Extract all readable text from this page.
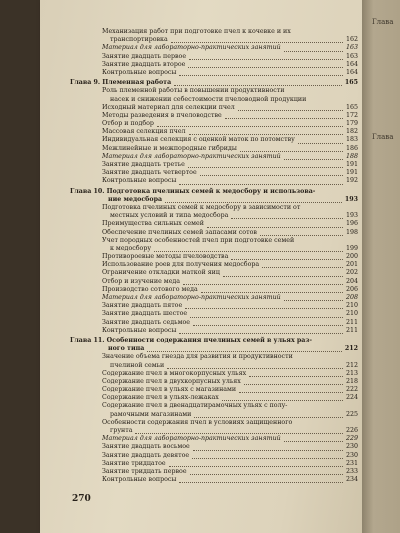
Механизация работ при подготовке пчел к кочевке и их
транспортировка	162
Материал для лабораторно-практических занятий	163
Занятие двадцать первое	163
Занятие двадцать второе	164
Контрольные вопросы	164
Глава 9. Племенная работа	165
Роль племенной работы в повышении продуктивности
насек и снижении себестоимости пчеловодной продукции
Исходный материал для селекции пчел	165
Методы разведения в пчеловодстве	172
Отбор и подбор	179
Массовая селекция пчел	182
Индивидуальная селекция с оценкой маток по потомству	183
Межлинейные и межпородные гибриды	186
Материал для лабораторно-практических занятий	188
Занятие двадцать третье	191
Занятие двадцать четвертое	191
Контрольные вопросы	192
Глава 10. Подготовка пчелиных семей к медосбору и использова-
ние медосбора	193
Подготовка пчелиных семей к медосбору в зависимости от
местных условий и типа медосбора	193
Преимущества сильных семей	196
Обеспечение пчелиных семей запасами сотов	198
Учет породных особенностей пчел при подготовке семей
к медосбору	199
Противороевые методы пчеловодства	200
Использование роев для получения медосбора	201
Ограничение откладки маткой яиц	202
Отбор и изучение меда	204
Производство сотового меда	206
Материал для лабораторно-практических занятий	208
Занятие двадцать пятое	210
Занятие двадцать шестое	210
Занятие двадцать седьмое	211
Контрольные вопросы	211
Глава 11. Особенности содержания пчелиных семей в ульях раз-
ного типа	212
Значение объема гнезда для развития и продуктивности
пчелиной семьи	212
Содержание пчел в многокорпусных ульях	213
Содержание пчел в двухкорпусных ульях	218
Содержание пчел в ульях с магазинами	222
Содержание пчел в ульях-лежаках	224
Содержание пчел в двенадцатирамочных ульях с полу-
рамочными магазинами	225
Особенности содержания пчел в условиях защищенного
грунта	226
Материал для лабораторно-практических занятий	229
Занятие двадцать восьмое	230
Занятие двадцать девятое	230
Занятие тридцатое	231
Занятие тридцать первое	233
Контрольные вопросы	234
270
Глава
Глава
